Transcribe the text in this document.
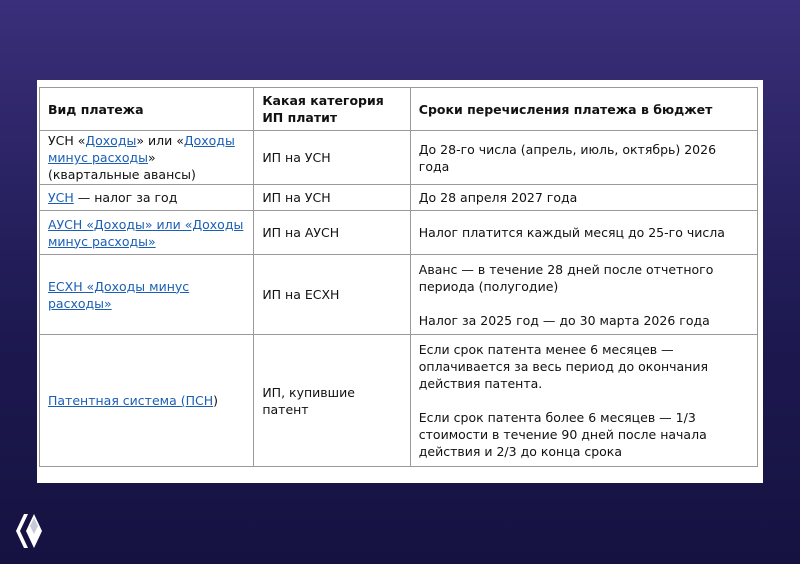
Вид платежа	Какая категория ИП платит	Сроки перечисления платежа в бюджет
УСН «Доходы» или «Доходы минус расходы» (квартальные авансы)	ИП на УСН	До 28-го числа (апрель, июль, октябрь) 2026 года
УСН — налог за год	ИП на УСН	До 28 апреля 2027 года
АУСН «Доходы» или «Доходы минус расходы»	ИП на АУСН	Налог платится каждый месяц до 25-го числа
ЕСХН «Доходы минус расходы»	ИП на ЕСХН	Аванс — в течение 28 дней после отчетного периода (полугодие)
Налог за 2025 год — до 30 марта 2026 года

Патентная система (ПСН)	ИП, купившие патент	Если срок патента менее 6 месяцев — оплачивается за весь период до окончания действия патента.
Если срок патента более 6 месяцев — 1/3 стоимости в течение 90 дней после начала действия и 2/3 до конца срока
